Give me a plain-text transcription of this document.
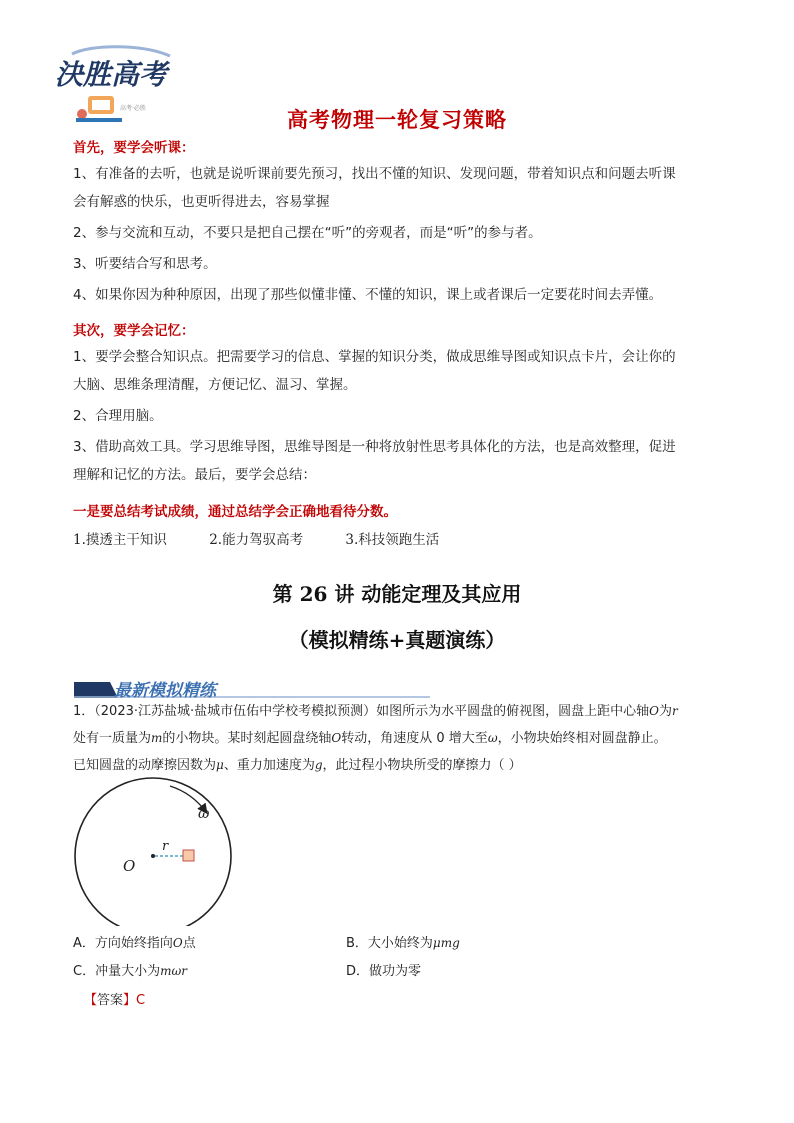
決胜高考
高考·必胜	高考物理一轮复习策略
首先，要学会听课：
1、有准备的去听，也就是说听课前要先预习，找出不懂的知识、发现问题，带着知识点和问题去听课
会有解惑的快乐，也更听得进去，容易掌握
2、参与交流和互动，不要只是把自己摆在“听”的旁观者，而是“听”的参与者。
3、听要结合写和思考。
4、如果你因为种种原因，出现了那些似懂非懂、不懂的知识，课上或者课后一定要花时间去弄懂。
其次，要学会记忆：
1、要学会整合知识点。把需要学习的信息、掌握的知识分类，做成思维导图或知识点卡片，会让你的
大脑、思维条理清醒，方便记忆、温习、掌握。
2、合理用脑。
3、借助高效工具。学习思维导图，思维导图是一种将放射性思考具体化的方法，也是高效整理，促进
理解和记忆的方法。最后，要学会总结：
一是要总结考试成绩，通过总结学会正确地看待分数。
1.摸透主干知识	2.能力驾驭高考	3.科技领跑生活
第 26 讲 动能定理及其应用
（模拟精练+真题演练）
最新模拟精练
1．（2023·江苏盐城·盐城市伍佑中学校考模拟预测）如图所示为水平圆盘的俯视图，圆盘上距中心轴O为r
处有一质量为m的小物块。某时刻起圆盘绕轴O转动，角速度从 0 增大至ω，小物块始终相对圆盘静止。
已知圆盘的动摩擦因数为μ、重力加速度为g，此过程小物块所受的摩擦力（ ）
ω
O
r
A．方向始终指向O点	B．大小始终为μmg
C．冲量大小为mωr	D．做功为零
【答案】C
